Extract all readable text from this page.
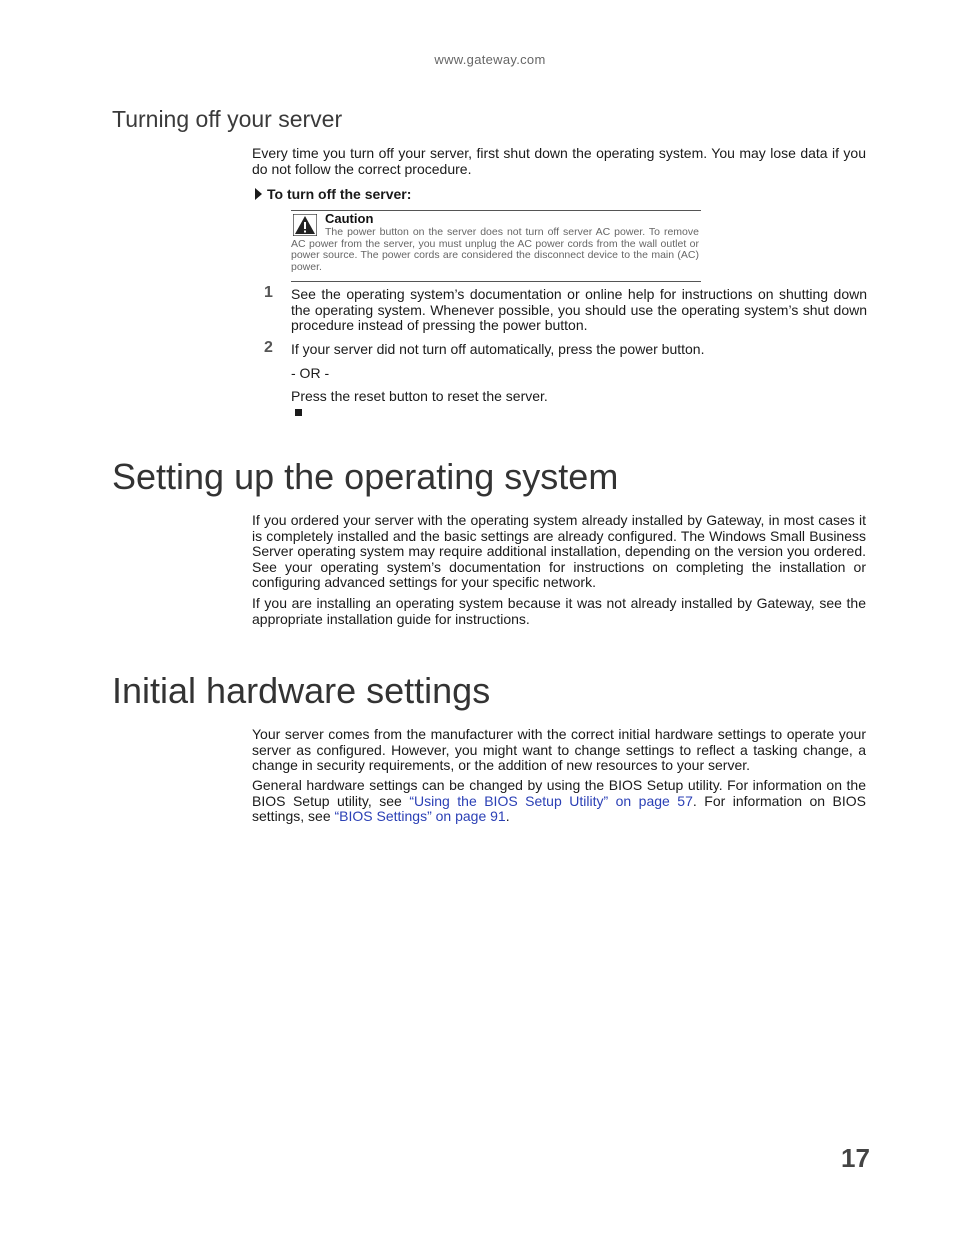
www.gateway.com
Turning off your server

Every time you turn off your server, first shut down the operating system. You may lose data if you do not follow the correct procedure.

To turn off the server:
Caution
The power button on the server does not turn off server AC power. To remove AC power from the server, you must unplug the AC power cords from the wall outlet or power source. The power cords are considered the disconnect device to the main (AC) power.
1 See the operating system’s documentation or online help for instructions on shutting down the operating system. Whenever possible, you should use the operating system’s shut down procedure instead of pressing the power button.

2 If your server did not turn off automatically, press the power button.

- OR -
Press the reset button to reset the server.
Setting up the operating system

If you ordered your server with the operating system already installed by Gateway, in most cases it is completely installed and the basic settings are already configured. The Windows Small Business Server operating system may require additional installation, depending on the version you ordered. See your operating system’s documentation for instructions on completing the installation or configuring advanced settings for your specific network.

If you are installing an operating system because it was not already installed by Gateway, see the appropriate installation guide for instructions.

Initial hardware settings

Your server comes from the manufacturer with the correct initial hardware settings to operate your server as configured. However, you might want to change settings to reflect a tasking change, a change in security requirements, or the addition of new resources to your server.

General hardware settings can be changed by using the BIOS Setup utility. For information on the BIOS Setup utility, see “Using the BIOS Setup Utility” on page 57. For information on BIOS settings, see “BIOS Settings” on page 91.

17
